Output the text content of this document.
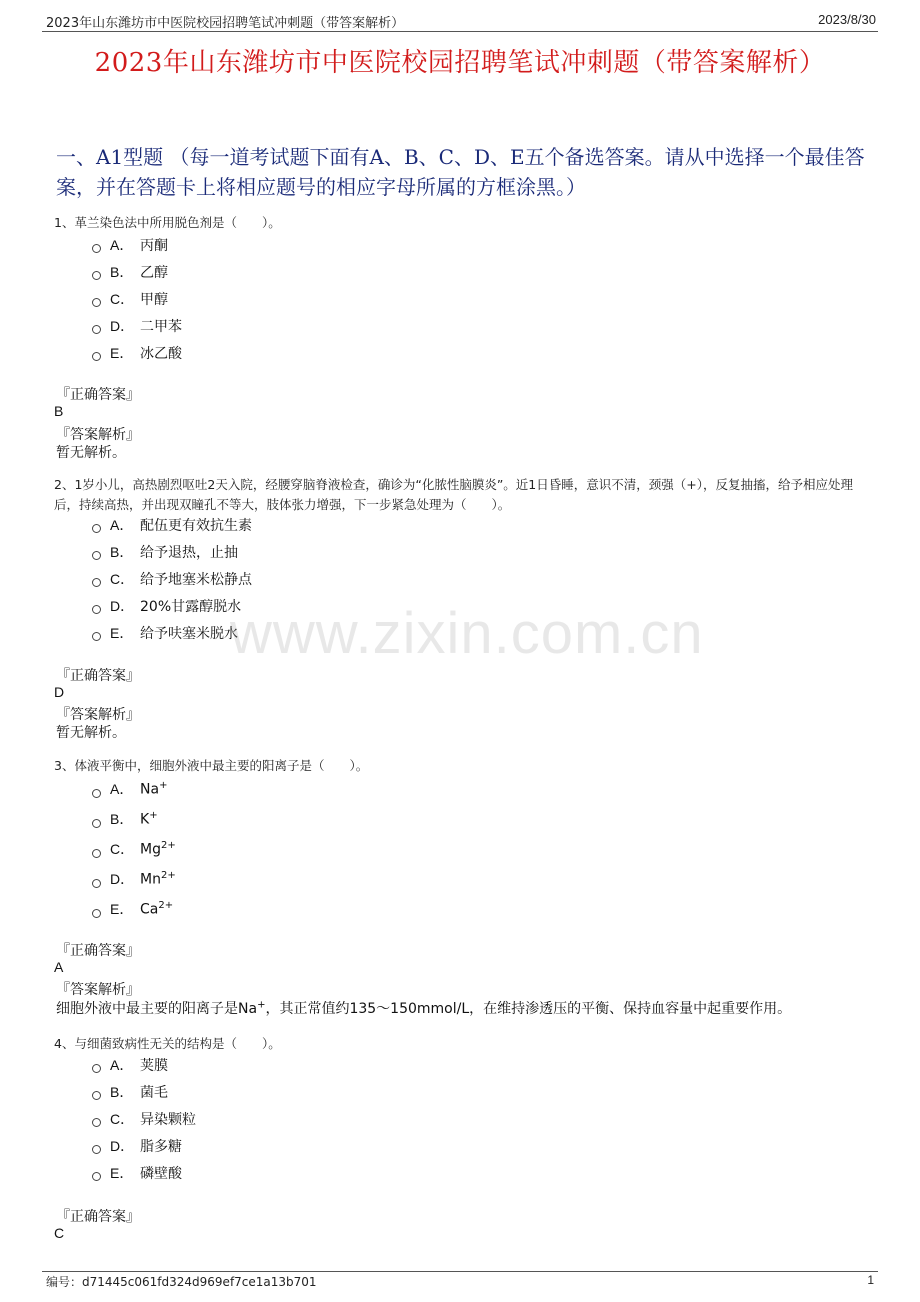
2023年山东潍坊市中医院校园招聘笔试冲刺题（带答案解析）	2023/8/30
2023年山东潍坊市中医院校园招聘笔试冲刺题（带答案解析）
一、A1型题 （每一道考试题下面有A、B、C、D、E五个备选答案。请从中选择一个最佳答案，并在答题卡上将相应题号的相应字母所属的方框涂黑。）
1、革兰染色法中所用脱色剂是（　　）。
A． 丙酮
B． 乙醇
C． 甲醇
D． 二甲苯
E． 冰乙酸
『正确答案』
B
『答案解析』
暂无解析。
2、1岁小儿，高热剧烈呕吐2天入院，经腰穿脑脊液检查，确诊为“化脓性脑膜炎”。近1日昏睡，意识不清，颈强（+），反复抽搐，给予相应处理后，持续高热，并出现双瞳孔不等大，肢体张力增强，下一步紧急处理为（　　）。
A． 配伍更有效抗生素
B． 给予退热，止抽
C． 给予地塞米松静点
D． 20%甘露醇脱水
E． 给予呋塞米脱水
『正确答案』
D
『答案解析』
暂无解析。
3、体液平衡中，细胞外液中最主要的阳离子是（　　）。
A． Na+
B． K+
C． $Mg^{2+}$
D． $Mn^{2+}$
E． $Ca^{2+}$
『正确答案』
A
『答案解析』
细胞外液中最主要的阳离子是Na+，其正常值约135～150mmol/L，在维持渗透压的平衡、保持血容量中起重要作用。
4、与细菌致病性无关的结构是（　　）。
A． 荚膜
B． 菌毛
C． 异染颗粒
D． 脂多糖
E． 磷壁酸
『正确答案』
C
www.zixin.com.cn
编号：d71445c061fd324d969ef7ce1a13b701	1
